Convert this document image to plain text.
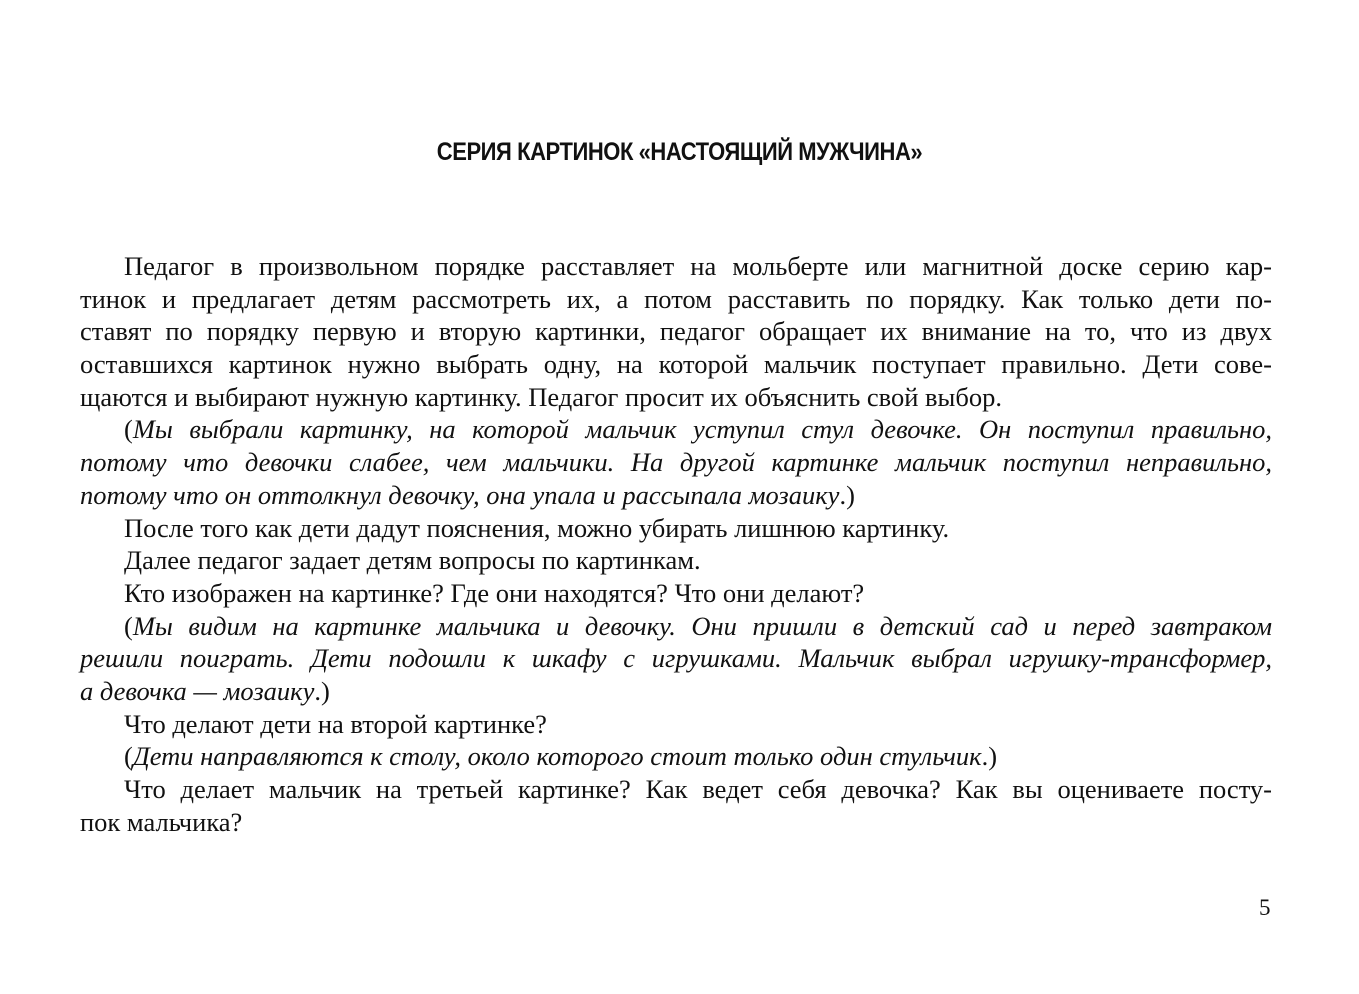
СЕРИЯ КАРТИНОК «НАСТОЯЩИЙ МУЖЧИНА»
Педагог в произвольном порядке расставляет на мольберте или магнитной доске серию кар-
тинок и предлагает детям рассмотреть их, а потом расставить по порядку. Как только дети по-
ставят по порядку первую и вторую картинки, педагог обращает их внимание на то, что из двух
оставшихся картинок нужно выбрать одну, на которой мальчик поступает правильно. Дети сове-
щаются и выбирают нужную картинку. Педагог просит их объяснить свой выбор.
(Мы выбрали картинку, на которой мальчик уступил стул девочке. Он поступил правильно,
потому что девочки слабее, чем мальчики. На другой картинке мальчик поступил неправильно,
потому что он оттолкнул девочку, она упала и рассыпала мозаику.)
После того как дети дадут пояснения, можно убирать лишнюю картинку.
Далее педагог задает детям вопросы по картинкам.
Кто изображен на картинке? Где они находятся? Что они делают?
(Мы видим на картинке мальчика и девочку. Они пришли в детский сад и перед завтраком
решили поиграть. Дети подошли к шкафу с игрушками. Мальчик выбрал игрушку-трансформер,
а девочка — мозаику.)
Что делают дети на второй картинке?
(Дети направляются к столу, около которого стоит только один стульчик.)
Что делает мальчик на третьей картинке? Как ведет себя девочка? Как вы оцениваете посту-
пок мальчика?
5
